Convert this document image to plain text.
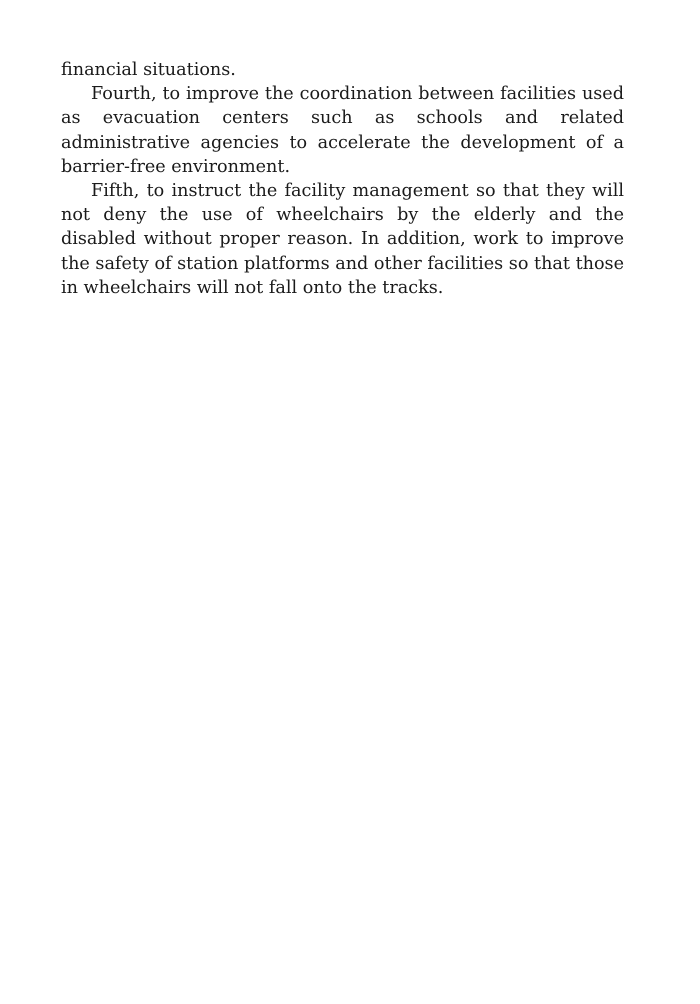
financial situations.

Fourth, to improve the coordination between facilities used as evacuation centers such as schools and related administrative agencies to accelerate the development of a barrier-free environment.

Fifth, to instruct the facility management so that they will not deny the use of wheelchairs by the elderly and the disabled without proper reason. In addition, work to improve the safety of station platforms and other facilities so that those in wheelchairs will not fall onto the tracks.
